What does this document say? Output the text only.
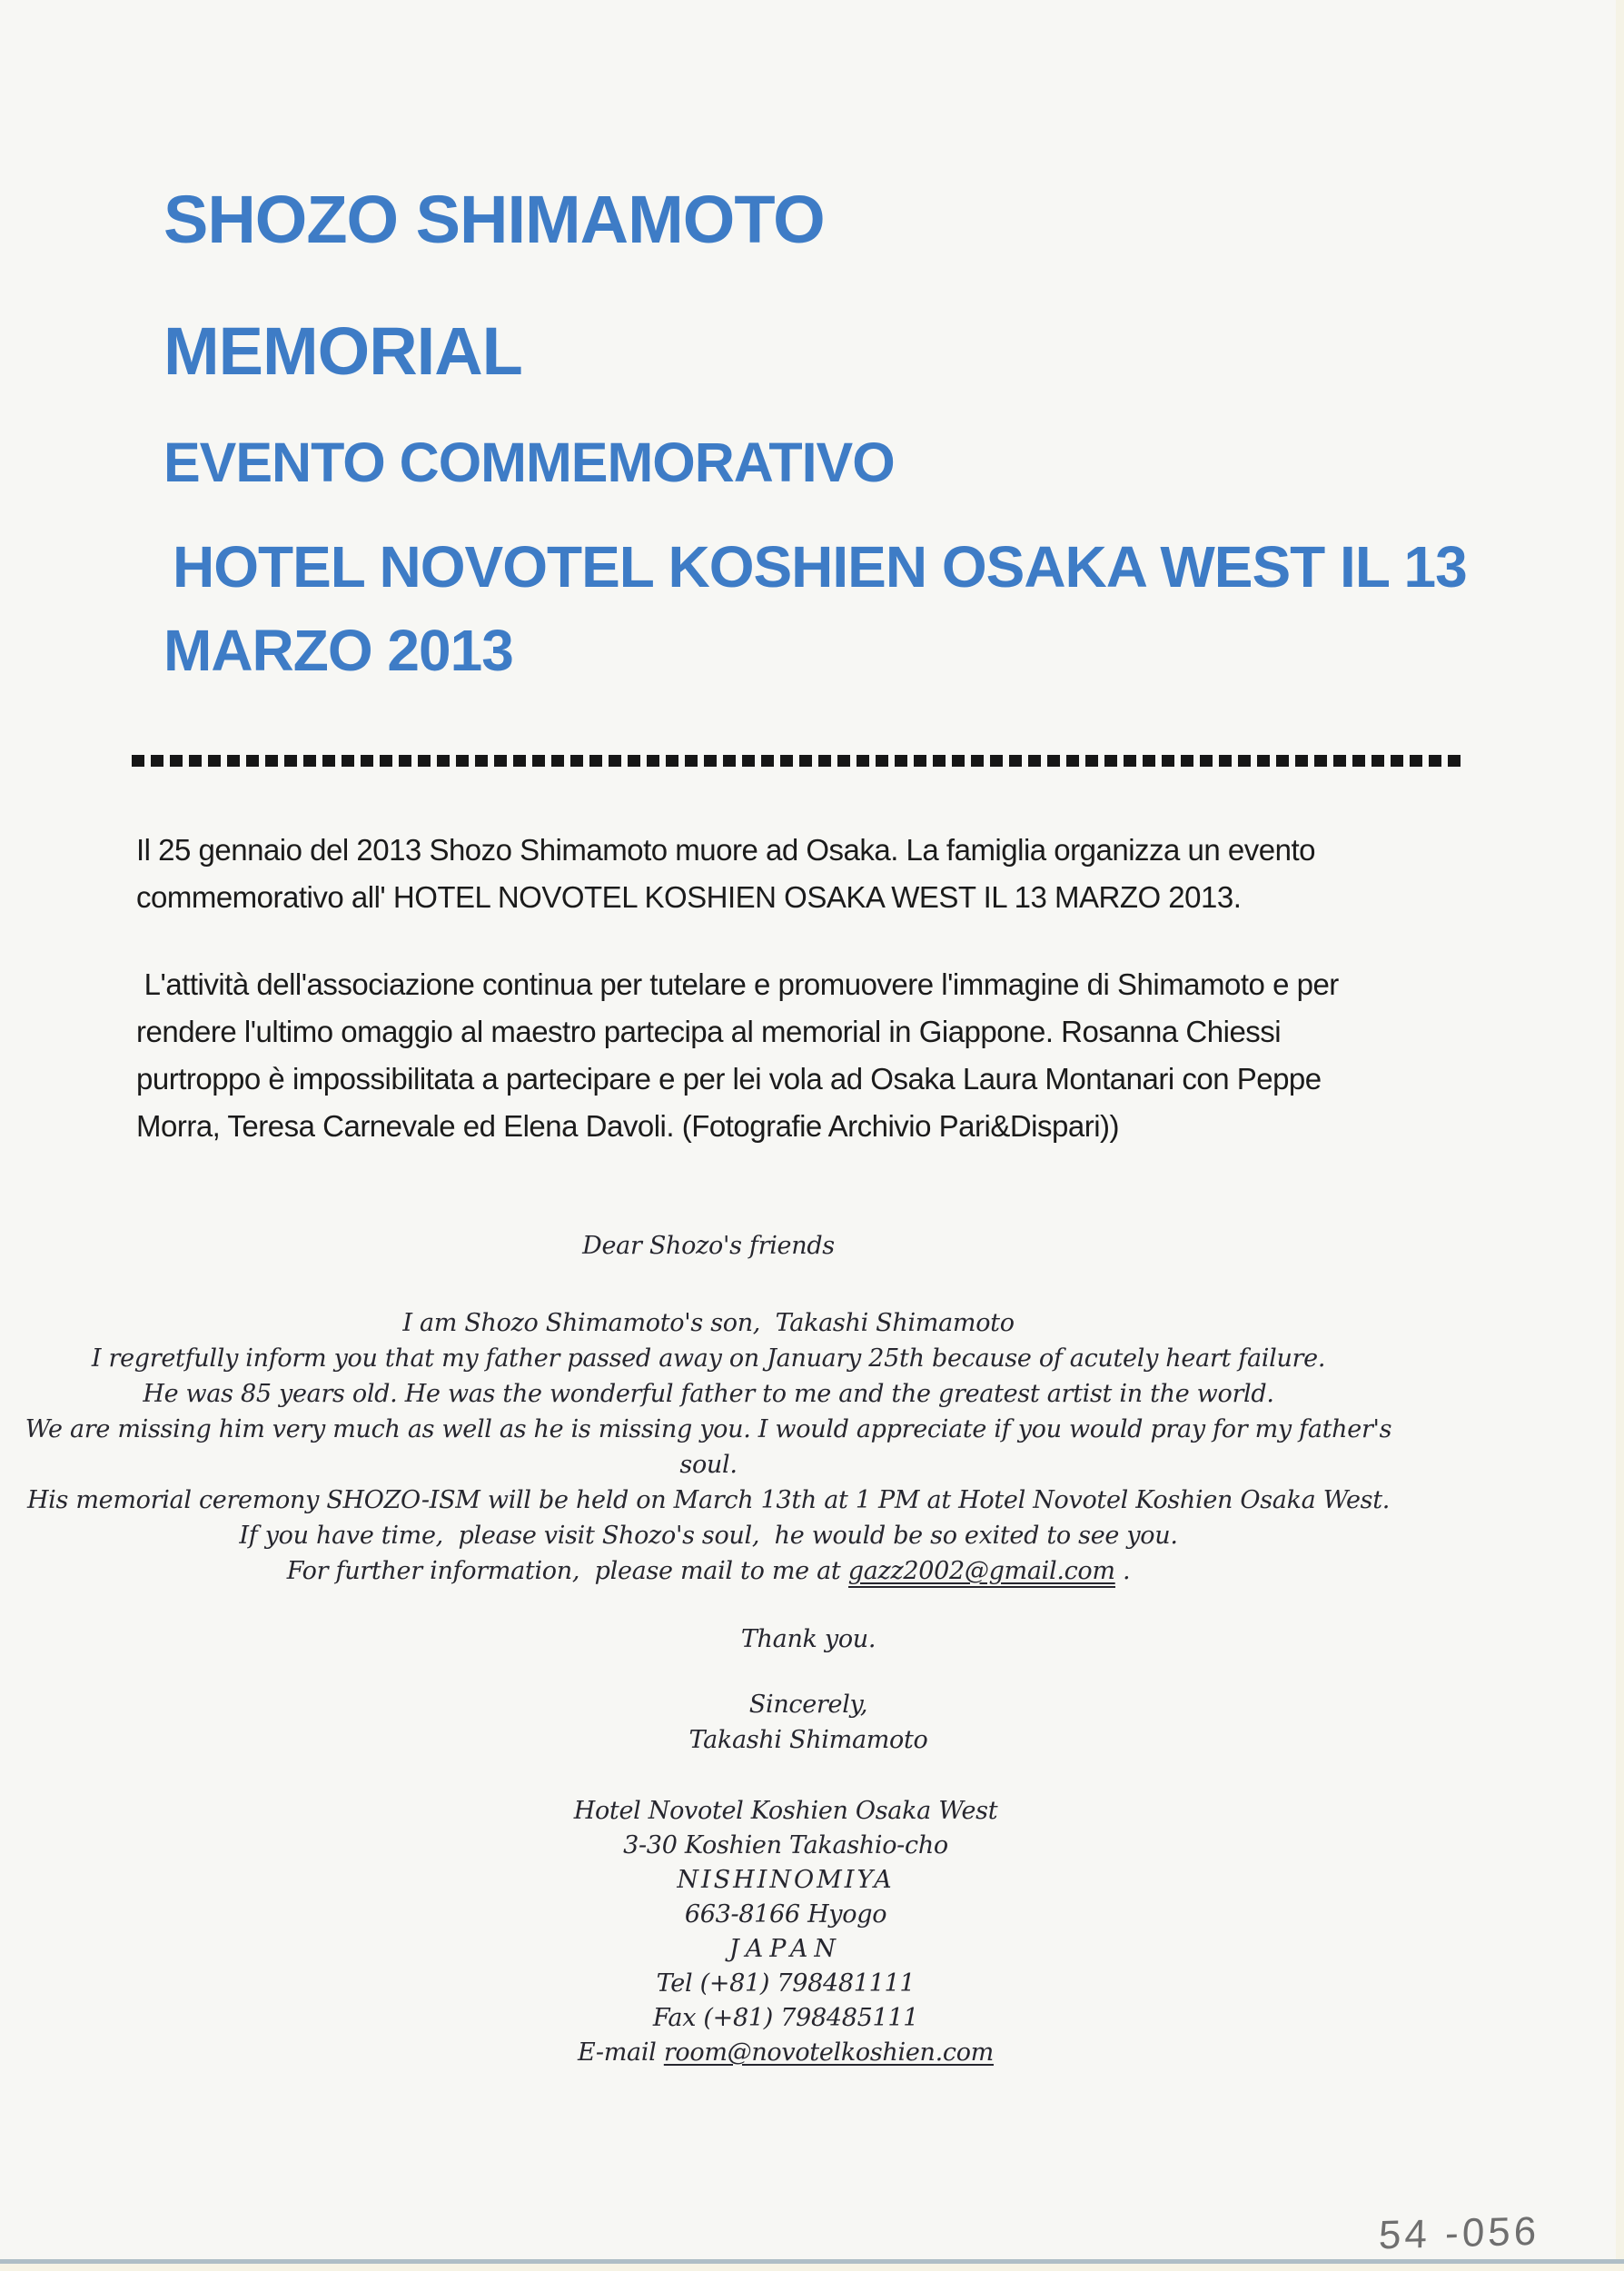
SHOZO SHIMAMOTO
MEMORIAL
EVENTO COMMEMORATIVO
HOTEL NOVOTEL KOSHIEN OSAKA WEST IL 13
MARZO 2013
Il 25 gennaio del 2013 Shozo Shimamoto muore ad Osaka. La famiglia organizza un evento
commemorativo all' HOTEL NOVOTEL KOSHIEN OSAKA WEST IL 13 MARZO 2013.
L'attività dell'associazione continua per tutelare e promuovere l'immagine di Shimamoto e per
rendere l'ultimo omaggio al maestro partecipa al memorial in Giappone. Rosanna Chiessi
purtroppo è impossibilitata a partecipare e per lei vola ad Osaka Laura Montanari con Peppe
Morra, Teresa Carnevale ed Elena Davoli. (Fotografie Archivio Pari&Dispari))
Dear Shozo's friends
I am Shozo Shimamoto's son,  Takashi Shimamoto
I regretfully inform you that my father passed away on January 25th because of acutely heart failure.
He was 85 years old. He was the wonderful father to me and the greatest artist in the world.
We are missing him very much as well as he is missing you. I would appreciate if you would pray for my father's soul.
His memorial ceremony SHOZO-ISM will be held on March 13th at 1 PM at Hotel Novotel Koshien Osaka West.
If you have time,  please visit Shozo's soul,  he would be so exited to see you.
For further information,  please mail to me at gazz2002@gmail.com .
Thank you.
Sincerely,
Takashi Shimamoto
Hotel Novotel Koshien Osaka West
3-30 Koshien Takashio-cho
NISHINOMIYA
663-8166 Hyogo
JAPAN
Tel (+81) 798481111
Fax (+81) 798485111
E-mail room@novotelkoshien.com
54 -056
